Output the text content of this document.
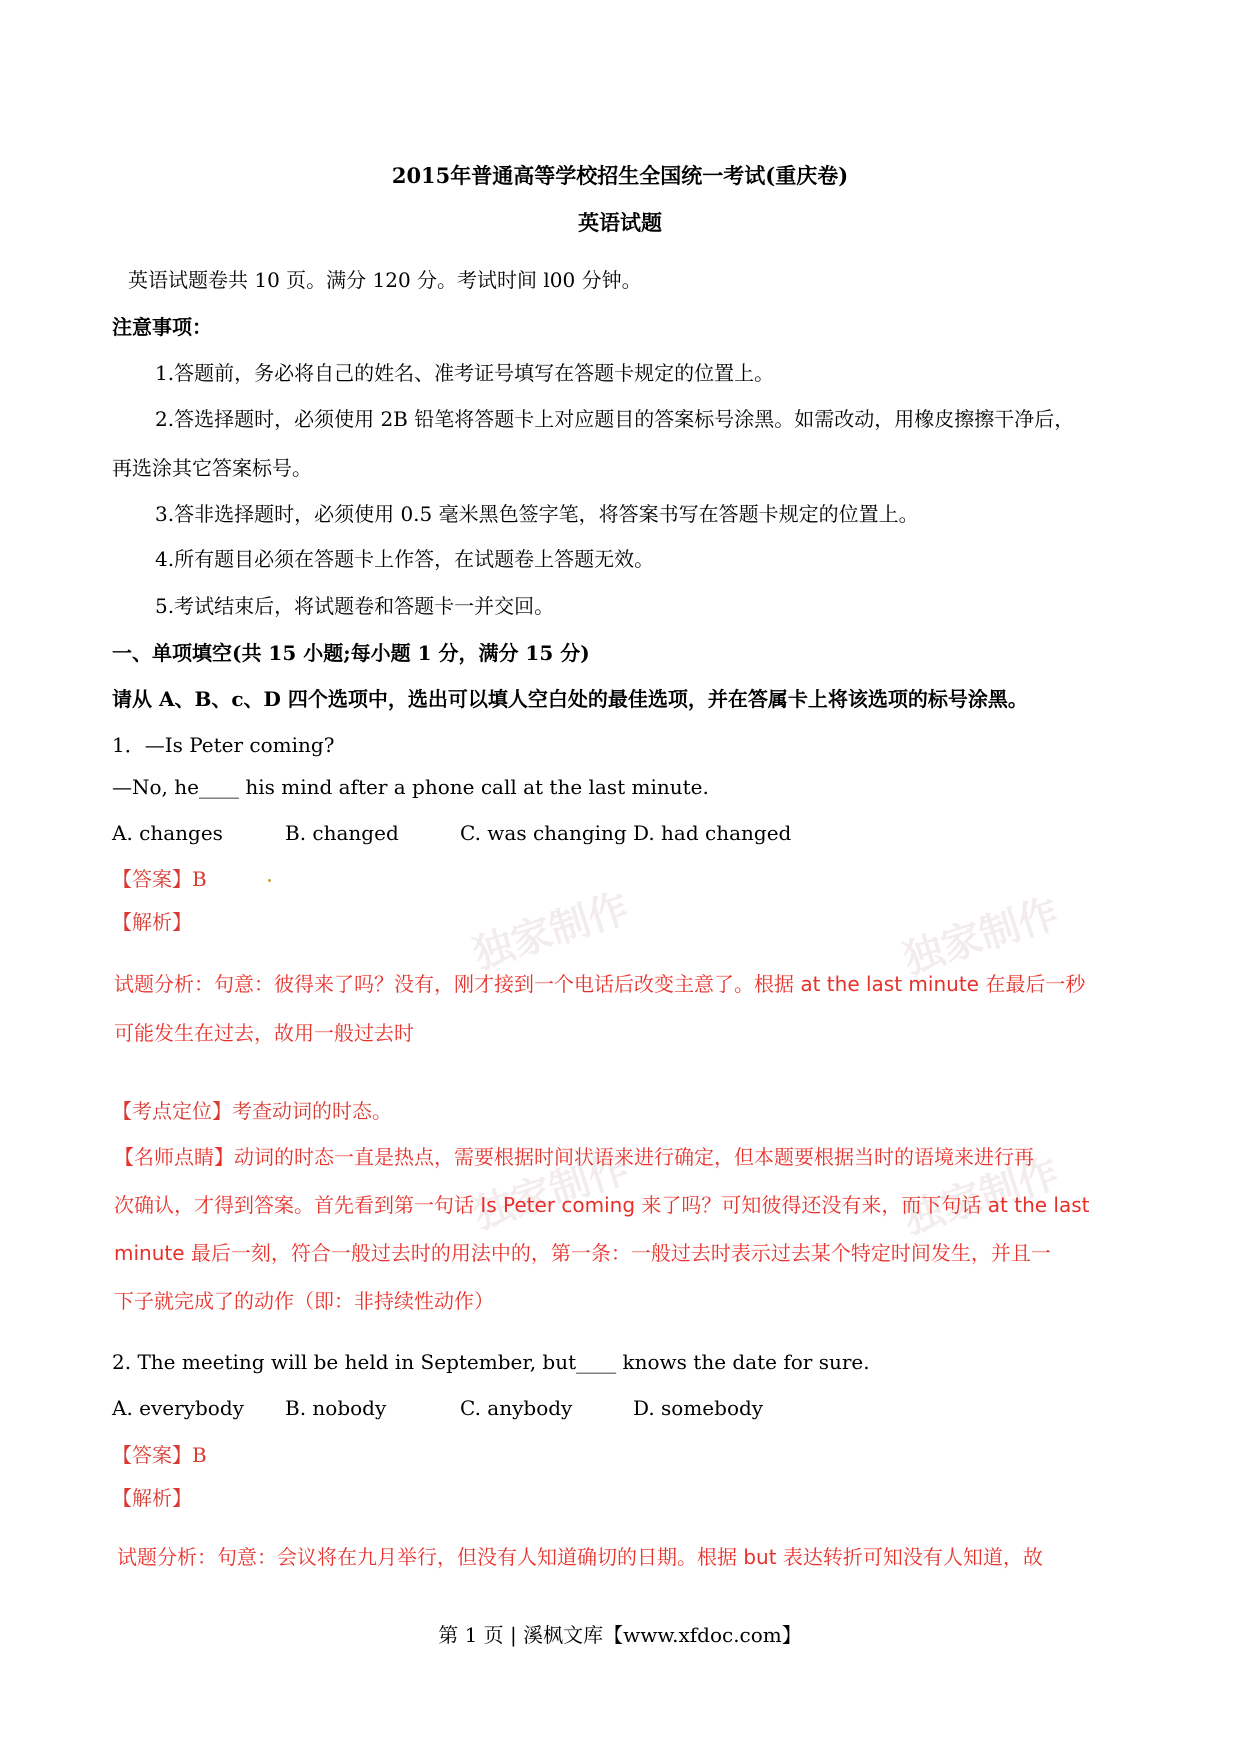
独家制作	独家制作
独家制作	独家制作
2015年普通高等学校招生全国统一考试(重庆卷)
英语试题
英语试题卷共 10 页。满分 120 分。考试时间 l00 分钟。
注意事项：
1.答题前，务必将自己的姓名、准考证号填写在答题卡规定的位置上。
2.答选择题时，必须使用 2B 铅笔将答题卡上对应题目的答案标号涂黑。如需改动，用橡皮擦擦干净后，
再选涂其它答案标号。
3.答非选择题时，必须使用 0.5 毫米黑色签字笔，将答案书写在答题卡规定的位置上。
4.所有题目必须在答题卡上作答，在试题卷上答题无效。
5.考试结束后，将试题卷和答题卡一并交回。
一、单项填空(共 15 小题;每小题 1 分，满分 15 分)
请从 A、B、c、D 四个选项中，选出可以填人空白处的最佳选项，并在答属卡上将该选项的标号涂黑。
1．—Is Peter coming?
—No, he____ his mind after a phone call at the last minute.
A. changes	B. changed	C. was changing D. had changed
【答案】B
【解析】
试题分析：句意：彼得来了吗？没有，刚才接到一个电话后改变主意了。根据 at the last minute 在最后一秒
可能发生在过去，故用一般过去时
【考点定位】考查动词的时态。
【名师点睛】动词的时态一直是热点，需要根据时间状语来进行确定，但本题要根据当时的语境来进行再
次确认，才得到答案。首先看到第一句话 Is Peter coming 来了吗？可知彼得还没有来，而下句话 at the last
minute 最后一刻，符合一般过去时的用法中的，第一条：一般过去时表示过去某个特定时间发生，并且一
下子就完成了的动作（即：非持续性动作）
2. The meeting will be held in September, but____ knows the date for sure.
A. everybody B. nobody	C. anybody	D. somebody
【答案】B
【解析】
试题分析：句意：会议将在九月举行，但没有人知道确切的日期。根据 but 表达转折可知没有人知道，故
第 1 页 | 溪枫文库【www.xfdoc.com】
